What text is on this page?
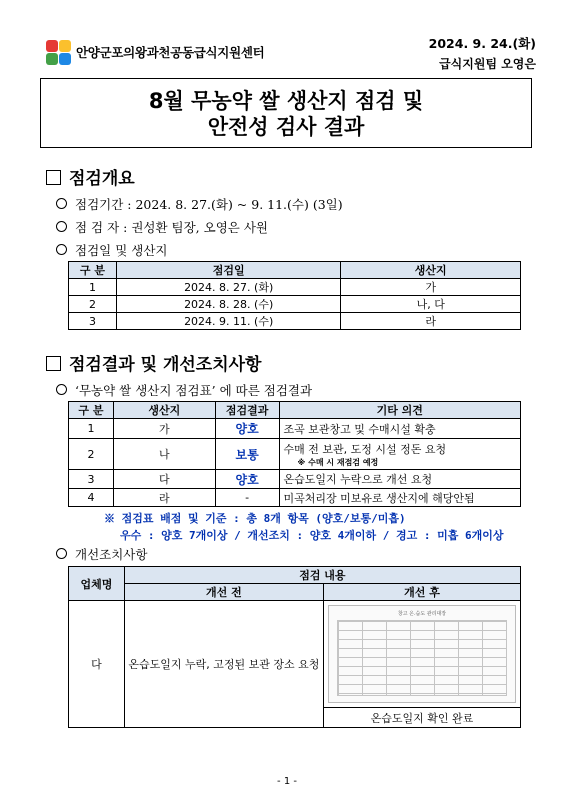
안양군포의왕과천공동급식지원센터
2024. 9. 24.(화)
급식지원팀 오영은
8월 무농약 쌀 생산지 점검 및
안전성 검사 결과
점검개요
점검기간 : 2024. 8. 27.(화) ~ 9. 11.(수) (3일)
점 검 자 : 권성환 팀장, 오영은 사원
점검일 및 생산지
구 분	점검일	생산지
1	2024. 8. 27. (화)	가
2	2024. 8. 28. (수)	나, 다
3	2024. 9. 11. (수)	라
점검결과 및 개선조치사항
‘무농약 쌀 생산지 점검표’ 에 따른 점검결과
구 분	생산지	점검결과	기타 의견
1	가	양호	조곡 보관창고 및 수매시설 확충
2	나	보통	수매 전 보관, 도정 시설 정돈 요청
※ 수매 시 재점검 예정

3	다	양호	온습도일지 누락으로 개선 요청
4	라	-	미곡처리장 미보유로 생산지에 해당안됨
※ 점검표 배점 및 기준 : 총 8개 항목 (양호/보통/미흡)
우수 : 양호 7개이상 / 개선조치 : 양호 4개이하 / 경고 : 미흡 6개이상
개선조치사항
업체명	점검 내용	
	개선 전	개선 후
다	온습도일지 누락, 고정된 보관 장소 요청	창고 온.습도 관리대장

		온습도일지 확인 완료
- 1 -
